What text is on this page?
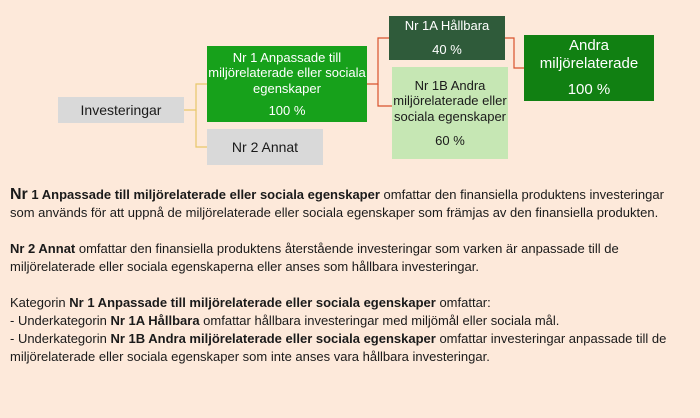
Investeringar
Nr 1 Anpassade till miljörelaterade eller sociala egenskaper
100 %
Nr 2 Annat
Nr 1A Hållbara
40 %
Nr 1B Andra miljörelaterade eller sociala egenskaper
60 %
Andra miljörelaterade
100 %

Nr 1 Anpassade till miljörelaterade eller sociala egenskaper omfattar den finansiella produktens investeringar som används för att uppnå de miljörelaterade eller sociala egenskaper som främjas av den finansiella produkten.

Nr 2 Annat omfattar den finansiella produktens återstående investeringar som varken är anpassade till de miljörelaterade eller sociala egenskaperna eller anses som hållbara investeringar.

Kategorin Nr 1 Anpassade till miljörelaterade eller sociala egenskaper omfattar:
- Underkategorin Nr 1A Hållbara omfattar hållbara investeringar med miljömål eller sociala mål.
- Underkategorin Nr 1B Andra miljörelaterade eller sociala egenskaper omfattar investeringar anpassade till de miljörelaterade eller sociala egenskaper som inte anses vara hållbara investeringar.
